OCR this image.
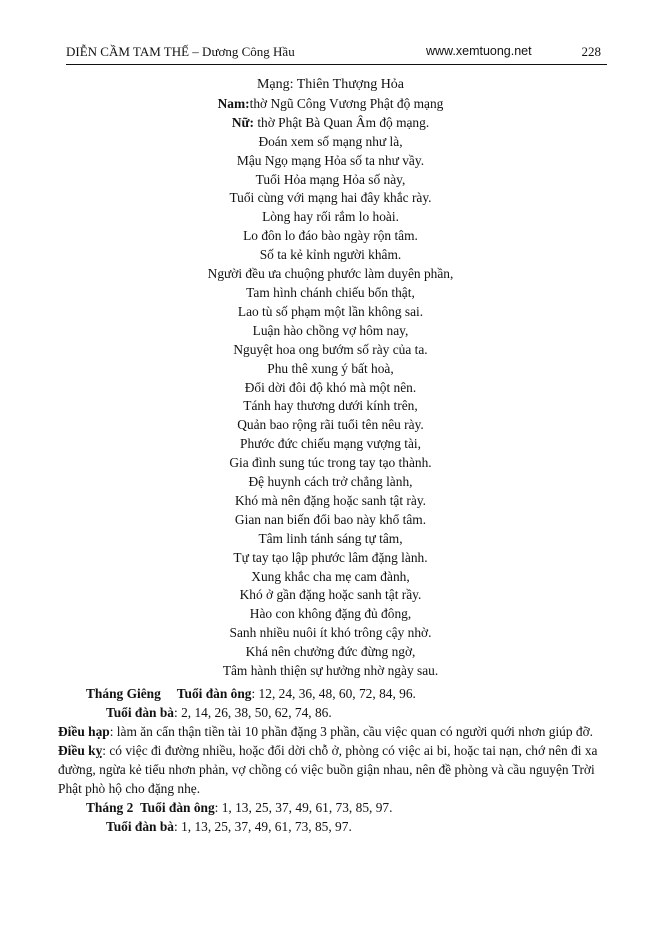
DIỄN CẦM TAM THẾ – Dương Công Hầu	www.xemtuong.net	228
Mạng: Thiên Thượng Hỏa
Nam:thờ Ngũ Công Vương Phật độ mạng
Nữ: thờ Phật Bà Quan Âm độ mạng.
Đoán xem số mạng như là,
Mậu Ngọ mạng Hỏa số ta như vầy.
Tuổi Hỏa mạng Hỏa số này,
Tuổi cùng với mạng hai đây khắc rày.
Lòng hay rối rắm lo hoài.
Lo đôn lo đáo bào ngày rộn tâm.
Số ta kẻ kỉnh người khâm.
Người đều ưa chuộng phước làm duyên phần,
Tam hình chánh chiếu bổn thật,
Lao tù số phạm một lần không sai.
Luận hào chồng vợ hôm nay,
Nguyệt hoa ong bướm số rày của ta.
Phu thê xung ý bất hoà,
Đổi dời đôi độ khó mà một nên.
Tánh hay thương dưới kính trên,
Quản bao rộng rãi tuổi tên nêu rày.
Phước đức chiếu mạng vượng tài,
Gia đình sung túc trong tay tạo thành.
Đệ huynh cách trở chẳng lành,
Khó mà nên đặng hoặc sanh tật rày.
Gian nan biến đổi bao này khổ tâm.
Tâm linh tánh sáng tự tâm,
Tự tay tạo lập phước lâm đặng lành.
Xung khắc cha mẹ cam đành,
Khó ở gần đặng hoặc sanh tật rầy.
Hào con không đặng đủ đông,
Sanh nhiều nuôi ít khó trông cậy nhờ.
Khá nên chưởng đức đừng ngờ,
Tâm hành thiện sự hưởng nhờ ngày sau.
Tháng Giêng Tuổi đàn ông: 12, 24, 36, 48, 60, 72, 84, 96.
Tuổi đàn bà: 2, 14, 26, 38, 50, 62, 74, 86.
Điều hạp: làm ăn cẩn thận tiền tài 10 phần đặng 3 phần, cầu việc quan có người quới nhơn giúp đỡ.
Điều kỵ: có việc đi đường nhiều, hoặc đổi dời chỗ ở, phòng có việc ai bi, hoặc tai nạn, chớ nên đi xa đường, ngừa kẻ tiểu nhơn phản, vợ chồng có việc buồn giận nhau, nên đề phòng và cầu nguyện Trời Phật phò hộ cho đặng nhẹ.
Tháng 2 Tuổi đàn ông: 1, 13, 25, 37, 49, 61, 73, 85, 97.
Tuổi đàn bà: 1, 13, 25, 37, 49, 61, 73, 85, 97.
